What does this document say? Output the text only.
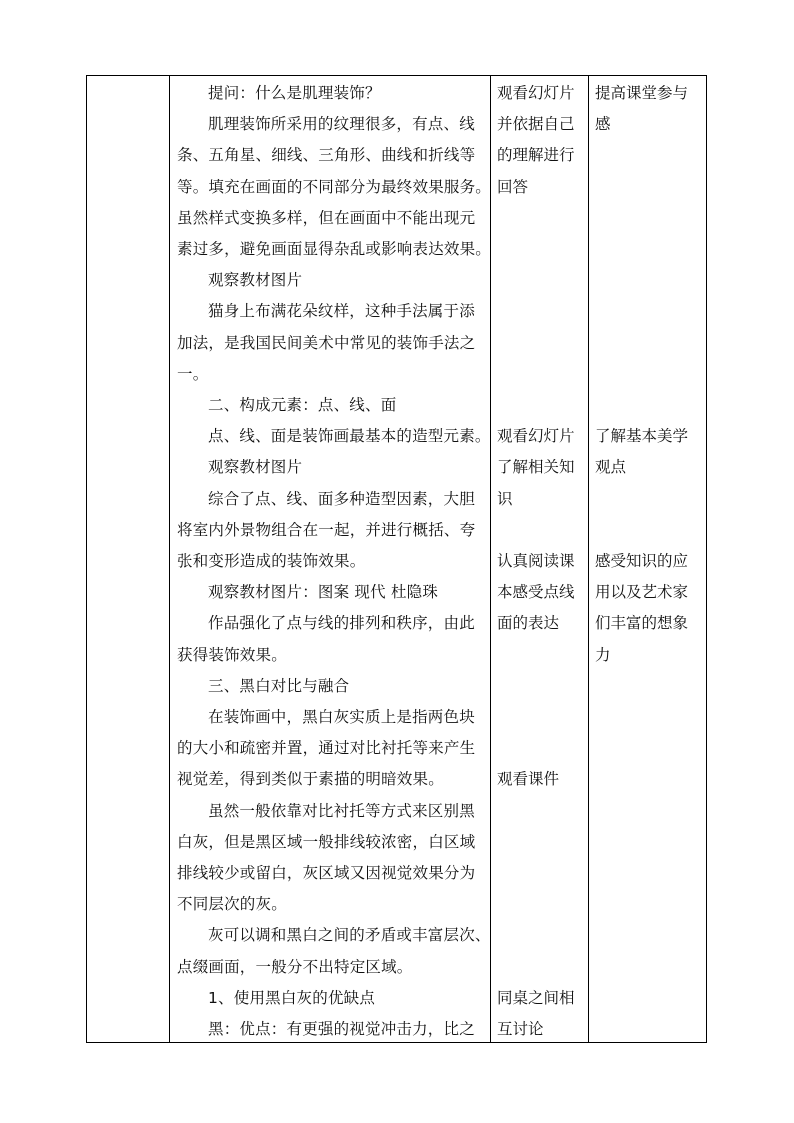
提问：什么是肌理装饰？
肌理装饰所采用的纹理很多，有点、线
条、五角星、细线、三角形、曲线和折线等
等。填充在画面的不同部分为最终效果服务。
虽然样式变换多样，但在画面中不能出现元
素过多，避免画面显得杂乱或影响表达效果。
观察教材图片
猫身上布满花朵纹样，这种手法属于添
加法，是我国民间美术中常见的装饰手法之
一。
二、构成元素：点、线、面
点、线、面是装饰画最基本的造型元素。
观察教材图片
综合了点、线、面多种造型因素，大胆
将室内外景物组合在一起，并进行概括、夸
张和变形造成的装饰效果。
观察教材图片：图案 现代 杜隐珠
作品强化了点与线的排列和秩序，由此
获得装饰效果。
三、黑白对比与融合
在装饰画中，黑白灰实质上是指两色块
的大小和疏密并置，通过对比衬托等来产生
视觉差，得到类似于素描的明暗效果。
虽然一般依靠对比衬托等方式来区别黑
白灰，但是黑区域一般排线较浓密，白区域
排线较少或留白，灰区域又因视觉效果分为
不同层次的灰。
灰可以调和黑白之间的矛盾或丰富层次、
点缀画面，一般分不出特定区域。
1、使用黑白灰的优缺点
黑：优点：有更强的视觉冲击力，比之
观看幻灯片
并依据自己
的理解进行
回答
观看幻灯片
了解相关知
识
认真阅读课
本感受点线
面的表达
观看课件
同桌之间相
互讨论
提高课堂参与
感
了解基本美学
观点
感受知识的应
用以及艺术家
们丰富的想象
力
